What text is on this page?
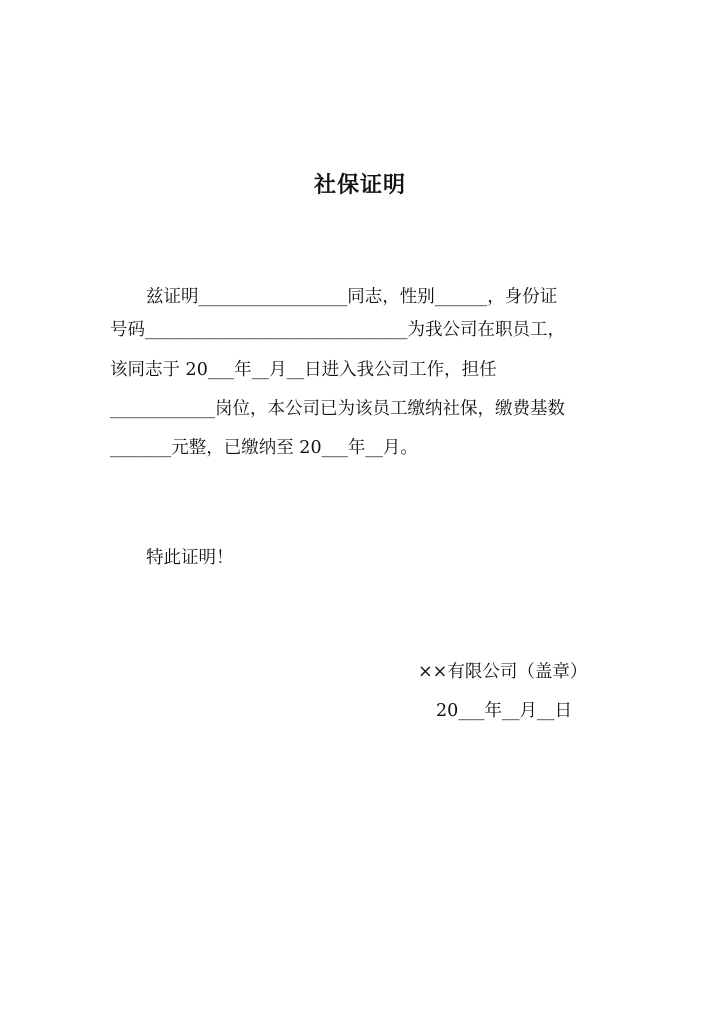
社保证明
兹证明_________________同志，性别______，身份证
号码______________________________为我公司在职员工，
该同志于 20___年__月__日进入我公司工作，担任
____________岗位，本公司已为该员工缴纳社保，缴费基数
_______元整，已缴纳至 20___年__月。
特此证明！
××有限公司（盖章）
20___年__月__日
